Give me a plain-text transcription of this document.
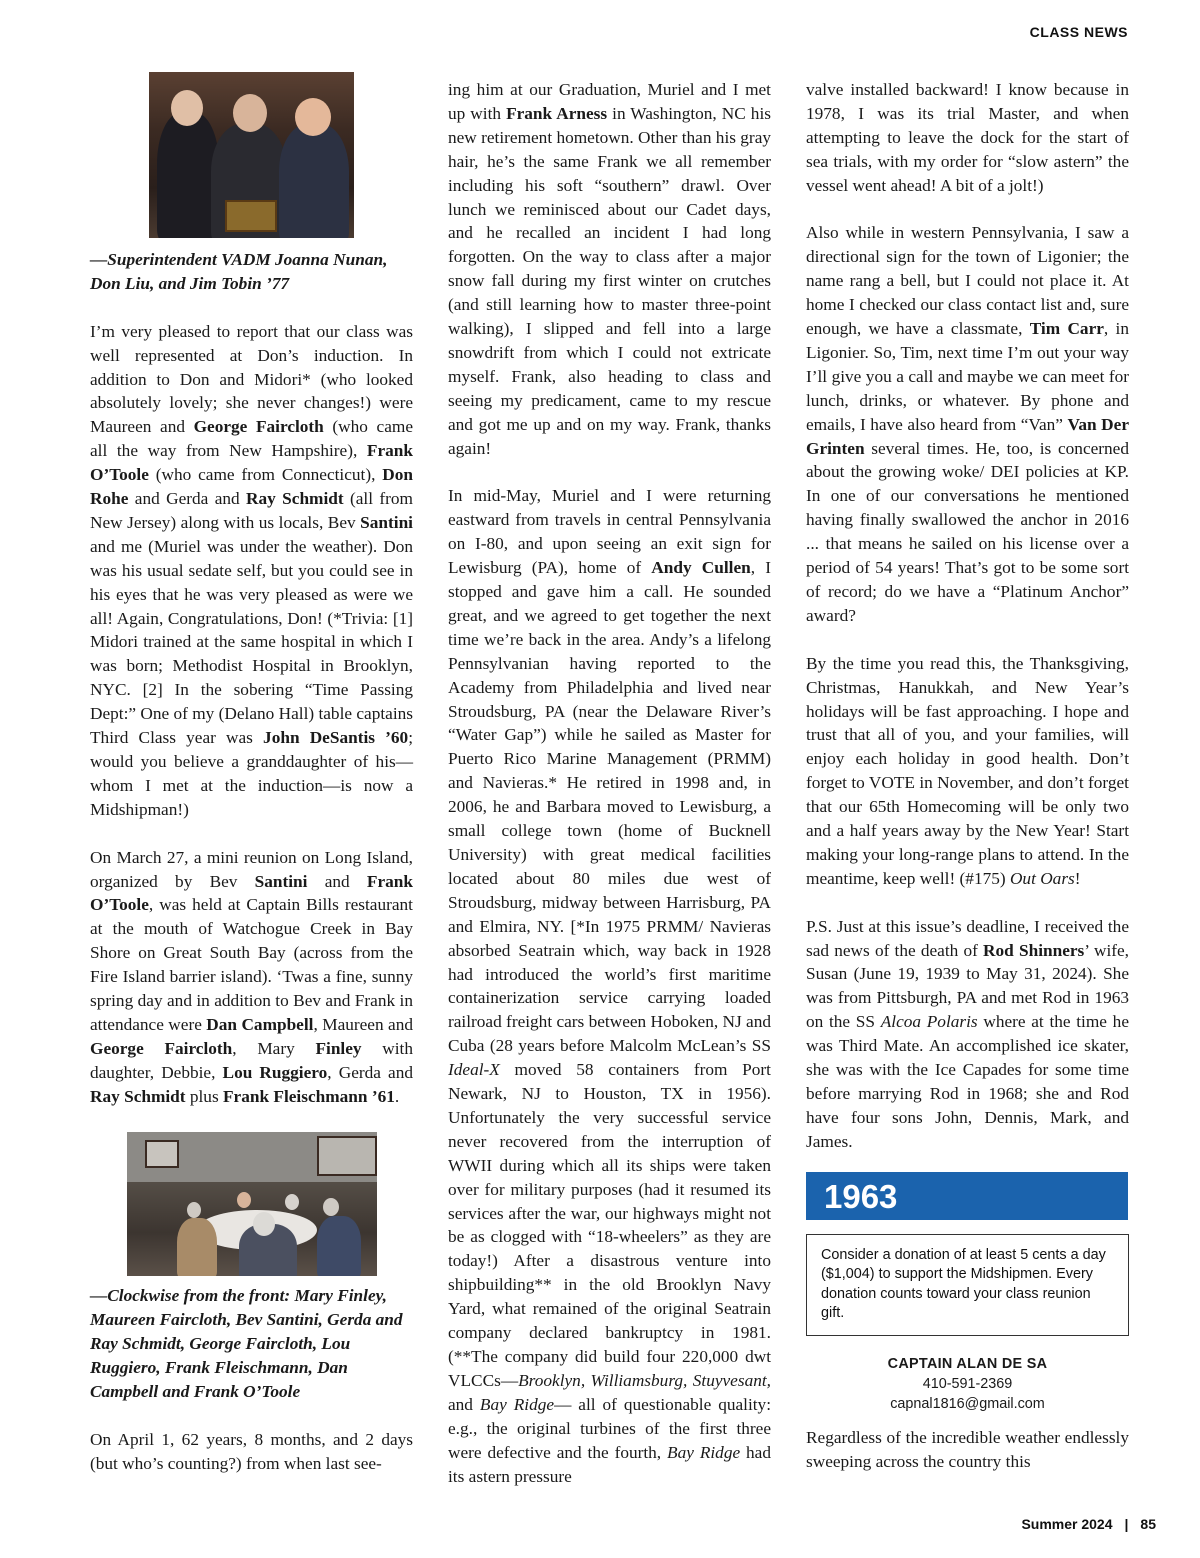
CLASS NEWS

—Superintendent VADM Joanna Nunan, Don Liu, and Jim Tobin ’77

I’m very pleased to report that our class was well represented at Don’s induction. In addition to Don and Midori* (who looked absolutely lovely; she never changes!) were Maureen and George Faircloth (who came all the way from New Hampshire), Frank O’Toole (who came from Connecticut), Don Rohe and Gerda and Ray Schmidt (all from New Jersey) along with us locals, Bev Santini and me (Muriel was under the weather). Don was his usual sedate self, but you could see in his eyes that he was very pleased as were we all! Again, Congratulations, Don! (*Trivia: [1] Midori trained at the same hospital in which I was born; Methodist Hospital in Brooklyn, NYC. [2] In the sobering “Time Passing Dept:” One of my (Delano Hall) table captains Third Class year was John DeSantis ’60; would you believe a granddaughter of his—whom I met at the induction—is now a Midshipman!)

On March 27, a mini reunion on Long Island, organized by Bev Santini and Frank O’Toole, was held at Captain Bills restaurant at the mouth of Watchogue Creek in Bay Shore on Great South Bay (across from the Fire Island barrier island). ‘Twas a fine, sunny spring day and in addition to Bev and Frank in attendance were Dan Campbell, Maureen and George Faircloth, Mary Finley with daughter, Debbie, Lou Ruggiero, Gerda and Ray Schmidt plus Frank Fleischmann ’61.

—Clockwise from the front: Mary Finley, Maureen Faircloth, Bev Santini, Gerda and Ray Schmidt, George Faircloth, Lou Ruggiero, Frank Fleischmann, Dan Campbell and Frank O’Toole

On April 1, 62 years, 8 months, and 2 days (but who’s counting?) from when last see-

ing him at our Graduation, Muriel and I met up with Frank Arness in Washington, NC his new retirement hometown. Other than his gray hair, he’s the same Frank we all remember including his soft “southern” drawl. Over lunch we reminisced about our Cadet days, and he recalled an incident I had long forgotten. On the way to class after a major snow fall during my first winter on crutches (and still learning how to master three-point walking), I slipped and fell into a large snowdrift from which I could not extricate myself. Frank, also heading to class and seeing my predicament, came to my rescue and got me up and on my way. Frank, thanks again!

In mid-May, Muriel and I were returning eastward from travels in central Pennsylvania on I-80, and upon seeing an exit sign for Lewisburg (PA), home of Andy Cullen, I stopped and gave him a call. He sounded great, and we agreed to get together the next time we’re back in the area. Andy’s a lifelong Pennsylvanian having reported to the Academy from Philadelphia and lived near Stroudsburg, PA (near the Delaware River’s “Water Gap”) while he sailed as Master for Puerto Rico Marine Management (PRMM) and Navieras.* He retired in 1998 and, in 2006, he and Barbara moved to Lewisburg, a small college town (home of Bucknell University) with great medical facilities located about 80 miles due west of Stroudsburg, midway between Harrisburg, PA and Elmira, NY. [*In 1975 PRMM/ Navieras absorbed Seatrain which, way back in 1928 had introduced the world’s first maritime containerization service carrying loaded railroad freight cars between Hoboken, NJ and Cuba (28 years before Malcolm McLean’s SS Ideal-X moved 58 containers from Port Newark, NJ to Houston, TX in 1956). Unfortunately the very successful service never recovered from the interruption of WWII during which all its ships were taken over for military purposes (had it resumed its services after the war, our highways might not be as clogged with “18-wheelers” as they are today!) After a disastrous venture into shipbuilding** in the old Brooklyn Navy Yard, what remained of the original Seatrain company declared bankruptcy in 1981. (**The company did build four 220,000 dwt VLCCs—Brooklyn, Williamsburg, Stuyvesant, and Bay Ridge— all of questionable quality: e.g., the original turbines of the first three were defective and the fourth, Bay Ridge had its astern pressure

valve installed backward! I know because in 1978, I was its trial Master, and when attempting to leave the dock for the start of sea trials, with my order for “slow astern” the vessel went ahead! A bit of a jolt!)

Also while in western Pennsylvania, I saw a directional sign for the town of Ligonier; the name rang a bell, but I could not place it. At home I checked our class contact list and, sure enough, we have a classmate, Tim Carr, in Ligonier. So, Tim, next time I’m out your way I’ll give you a call and maybe we can meet for lunch, drinks, or whatever. By phone and emails, I have also heard from “Van” Van Der Grinten several times. He, too, is concerned about the growing woke/ DEI policies at KP. In one of our conversations he mentioned having finally swallowed the anchor in 2016 ... that means he sailed on his license over a period of 54 years! That’s got to be some sort of record; do we have a “Platinum Anchor” award?

By the time you read this, the Thanksgiving, Christmas, Hanukkah, and New Year’s holidays will be fast approaching. I hope and trust that all of you, and your families, will enjoy each holiday in good health. Don’t forget to VOTE in November, and don’t forget that our 65th Homecoming will be only two and a half years away by the New Year! Start making your long-range plans to attend. In the meantime, keep well! (#175) Out Oars!

P.S. Just at this issue’s deadline, I received the sad news of the death of Rod Shinners’ wife, Susan (June 19, 1939 to May 31, 2024). She was from Pittsburgh, PA and met Rod in 1963 on the SS Alcoa Polaris where at the time he was Third Mate. An accomplished ice skater, she was with the Ice Capades for some time before marrying Rod in 1968; she and Rod have four sons John, Dennis, Mark, and James.

1963
Consider a donation of at least 5 cents a day ($1,004) to support the Midshipmen. Every donation counts toward your class reunion gift.
CAPTAIN ALAN DE SA
410-591-2369
capnal1816@gmail.com

Regardless of the incredible weather endlessly sweeping across the country this

Summer 2024 | 85
